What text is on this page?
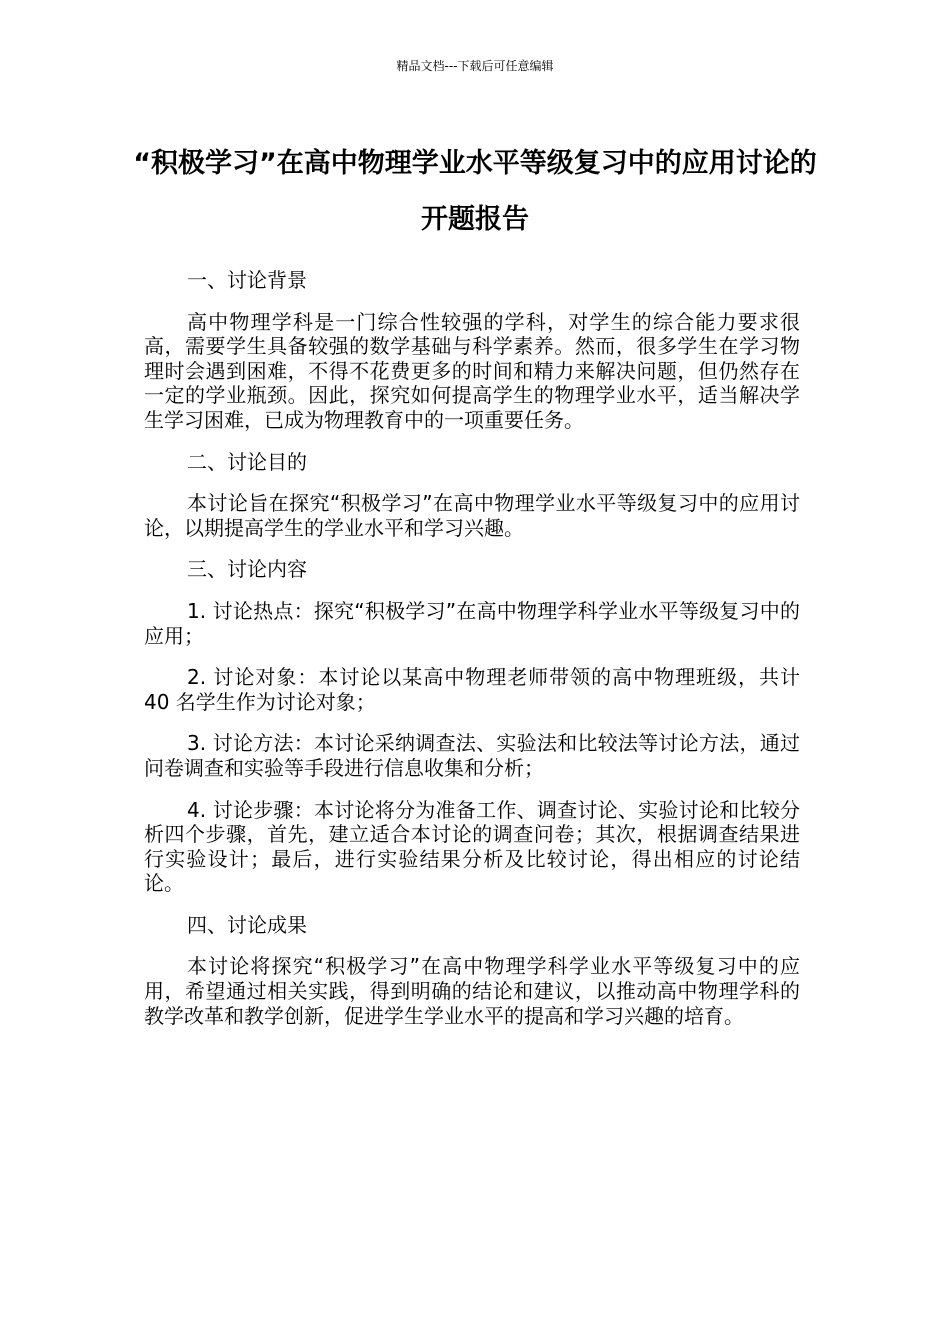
精品文档---下载后可任意编辑
“积极学习”在高中物理学业水平等级复习中的应用讨论的开题报告

一、讨论背景

高中物理学科是一门综合性较强的学科，对学生的综合能力要求很高，需要学生具备较强的数学基础与科学素养。然而，很多学生在学习物理时会遇到困难，不得不花费更多的时间和精力来解决问题，但仍然存在一定的学业瓶颈。因此，探究如何提高学生的物理学业水平，适当解决学生学习困难，已成为物理教育中的一项重要任务。

二、讨论目的

本讨论旨在探究“积极学习”在高中物理学业水平等级复习中的应用讨论，以期提高学生的学业水平和学习兴趣。

三、讨论内容

1. 讨论热点：探究“积极学习”在高中物理学科学业水平等级复习中的应用；

2. 讨论对象：本讨论以某高中物理老师带领的高中物理班级，共计 40 名学生作为讨论对象；

3. 讨论方法：本讨论采纳调查法、实验法和比较法等讨论方法，通过问卷调查和实验等手段进行信息收集和分析；

4. 讨论步骤：本讨论将分为准备工作、调查讨论、实验讨论和比较分析四个步骤，首先，建立适合本讨论的调查问卷；其次，根据调查结果进行实验设计；最后，进行实验结果分析及比较讨论，得出相应的讨论结论。

四、讨论成果

本讨论将探究“积极学习”在高中物理学科学业水平等级复习中的应用，希望通过相关实践，得到明确的结论和建议，以推动高中物理学科的教学改革和教学创新，促进学生学业水平的提高和学习兴趣的培育。
